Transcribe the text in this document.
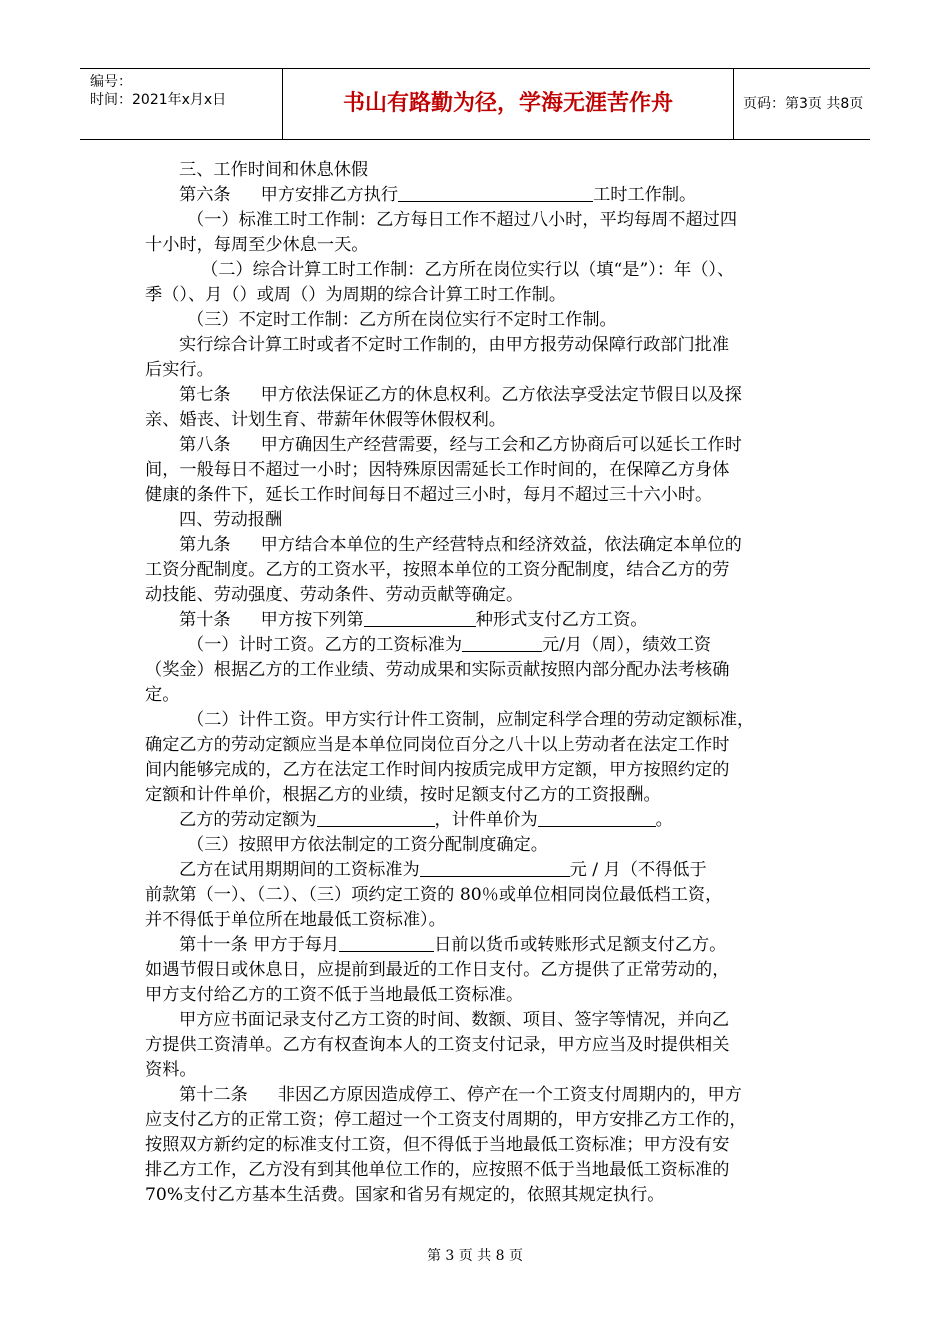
编号：
时间：2021年x月x日	书山有路勤为径，学海无涯苦作舟	页码：第3页 共8页
三、工作时间和休息休假
第六条 甲方安排乙方执行	工时工作制。
（一）标准工时工作制：乙方每日工作不超过八小时，平均每周不超过四
十小时，每周至少休息一天。
（二）综合计算工时工作制：乙方所在岗位实行以（填“是”）：年（）、
季（）、月（）或周（）为周期的综合计算工时工作制。
（三）不定时工作制：乙方所在岗位实行不定时工作制。
实行综合计算工时或者不定时工作制的，由甲方报劳动保障行政部门批准
后实行。
第七条 甲方依法保证乙方的休息权利。乙方依法享受法定节假日以及探
亲、婚丧、计划生育、带薪年休假等休假权利。
第八条 甲方确因生产经营需要，经与工会和乙方协商后可以延长工作时
间，一般每日不超过一小时；因特殊原因需延长工作时间的，在保障乙方身体
健康的条件下，延长工作时间每日不超过三小时，每月不超过三十六小时。
四、劳动报酬
第九条 甲方结合本单位的生产经营特点和经济效益，依法确定本单位的
工资分配制度。乙方的工资水平，按照本单位的工资分配制度，结合乙方的劳
动技能、劳动强度、劳动条件、劳动贡献等确定。
第十条 甲方按下列第	种形式支付乙方工资。
（一）计时工资。乙方的工资标准为	元/月（周），绩效工资
（奖金）根据乙方的工作业绩、劳动成果和实际贡献按照内部分配办法考核确
定。
（二）计件工资。甲方实行计件工资制，应制定科学合理的劳动定额标准，
确定乙方的劳动定额应当是本单位同岗位百分之八十以上劳动者在法定工作时
间内能够完成的，乙方在法定工作时间内按质完成甲方定额，甲方按照约定的
定额和计件单价，根据乙方的业绩，按时足额支付乙方的工资报酬。
乙方的劳动定额为	，计件单价为	。
（三）按照甲方依法制定的工资分配制度确定。
乙方在试用期期间的工资标准为	元 / 月（不得低于
前款第（一）、（二）、（三）项约定工资的 80％或单位相同岗位最低档工资，
并不得低于单位所在地最低工资标准）。
第十一条 甲方于每月	日前以货币或转账形式足额支付乙方。
如遇节假日或休息日，应提前到最近的工作日支付。乙方提供了正常劳动的，
甲方支付给乙方的工资不低于当地最低工资标准。
甲方应书面记录支付乙方工资的时间、数额、项目、签字等情况，并向乙
方提供工资清单。乙方有权查询本人的工资支付记录，甲方应当及时提供相关
资料。
第十二条 非因乙方原因造成停工、停产在一个工资支付周期内的，甲方
应支付乙方的正常工资；停工超过一个工资支付周期的，甲方安排乙方工作的，
按照双方新约定的标准支付工资，但不得低于当地最低工资标准；甲方没有安
排乙方工作，乙方没有到其他单位工作的，应按照不低于当地最低工资标准的
70%支付乙方基本生活费。国家和省另有规定的，依照其规定执行。
第 3 页 共 8 页
